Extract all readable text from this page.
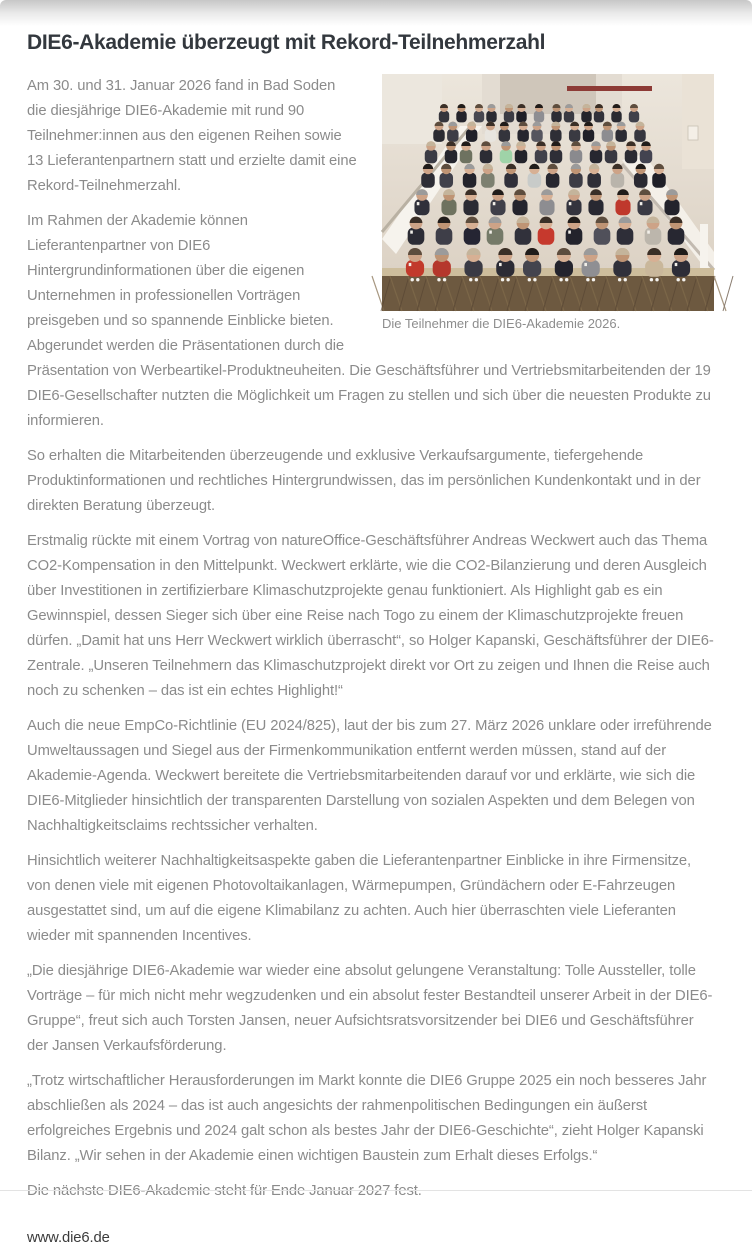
DIE6-Akademie überzeugt mit Rekord-Teilnehmerzahl
Die Teilnehmer die DIE6-Akademie 2026.

Am 30. und 31. Januar 2026 fand in Bad Soden die diesjährige DIE6-Akademie mit rund 90 Teilnehmer:innen aus den eigenen Reihen sowie 13 Lieferantenpartnern statt und erzielte damit eine Rekord-Teilnehmerzahl.

Im Rahmen der Akademie können Lieferantenpartner von DIE6 Hintergrundinformationen über die eigenen Unternehmen in professionellen Vorträgen preisgeben und so spannende Einblicke bieten. Abgerundet werden die Präsentationen durch die Präsentation von Werbeartikel-Produktneuheiten. Die Geschäftsführer und Vertriebsmitarbeitenden der 19 DIE6-Gesellschafter nutzten die Möglichkeit um Fragen zu stellen und sich über die neuesten Produkte zu informieren.

So erhalten die Mitarbeitenden überzeugende und exklusive Verkaufsargumente, tiefergehende Produktinformationen und rechtliches Hintergrundwissen, das im persönlichen Kundenkontakt und in der direkten Beratung überzeugt.

Erstmalig rückte mit einem Vortrag von natureOffice-Geschäftsführer Andreas Weckwert auch das Thema CO2-Kompensation in den Mittelpunkt. Weckwert erklärte, wie die CO2-Bilanzierung und deren Ausgleich über Investitionen in zertifizierbare Klimaschutzprojekte genau funktioniert. Als Highlight gab es ein Gewinnspiel, dessen Sieger sich über eine Reise nach Togo zu einem der Klimaschutzprojekte freuen dürfen. „Damit hat uns Herr Weckwert wirklich überrascht“, so Holger Kapanski, Geschäftsführer der DIE6-Zentrale. „Unseren Teilnehmern das Klimaschutzprojekt direkt vor Ort zu zeigen und Ihnen die Reise auch noch zu schenken – das ist ein echtes Highlight!“

Auch die neue EmpCo-Richtlinie (EU 2024/825), laut der bis zum 27. März 2026 unklare oder irreführende Umweltaussagen und Siegel aus der Firmenkommunikation entfernt werden müssen, stand auf der Akademie-Agenda. Weckwert bereitete die Vertriebsmitarbeitenden darauf vor und erklärte, wie sich die DIE6-Mitglieder hinsichtlich der transparenten Darstellung von sozialen Aspekten und dem Belegen von Nachhaltigkeitsclaims rechtssicher verhalten.

Hinsichtlich weiterer Nachhaltigkeitsaspekte gaben die Lieferantenpartner Einblicke in ihre Firmensitze, von denen viele mit eigenen Photovoltaikanlagen, Wärmepumpen, Gründächern oder E-Fahrzeugen ausgestattet sind, um auf die eigene Klimabilanz zu achten. Auch hier überraschten viele Lieferanten wieder mit spannenden Incentives.

„Die diesjährige DIE6-Akademie war wieder eine absolut gelungene Veranstaltung: Tolle Aussteller, tolle Vorträge – für mich nicht mehr wegzudenken und ein absolut fester Bestandteil unserer Arbeit in der DIE6-Gruppe“, freut sich auch Torsten Jansen, neuer Aufsichtsratsvorsitzender bei DIE6 und Geschäftsführer der Jansen Verkaufsförderung.

„Trotz wirtschaftlicher Herausforderungen im Markt konnte die DIE6 Gruppe 2025 ein noch besseres Jahr abschließen als 2024 – das ist auch angesichts der rahmenpolitischen Bedingungen ein äußerst erfolgreiches Ergebnis und 2024 galt schon als bestes Jahr der DIE6-Geschichte“, zieht Holger Kapanski Bilanz. „Wir sehen in der Akademie einen wichtigen Baustein zum Erhalt dieses Erfolgs.“

Die nächste DIE6-Akademie steht für Ende Januar 2027 fest.

www.die6.de
